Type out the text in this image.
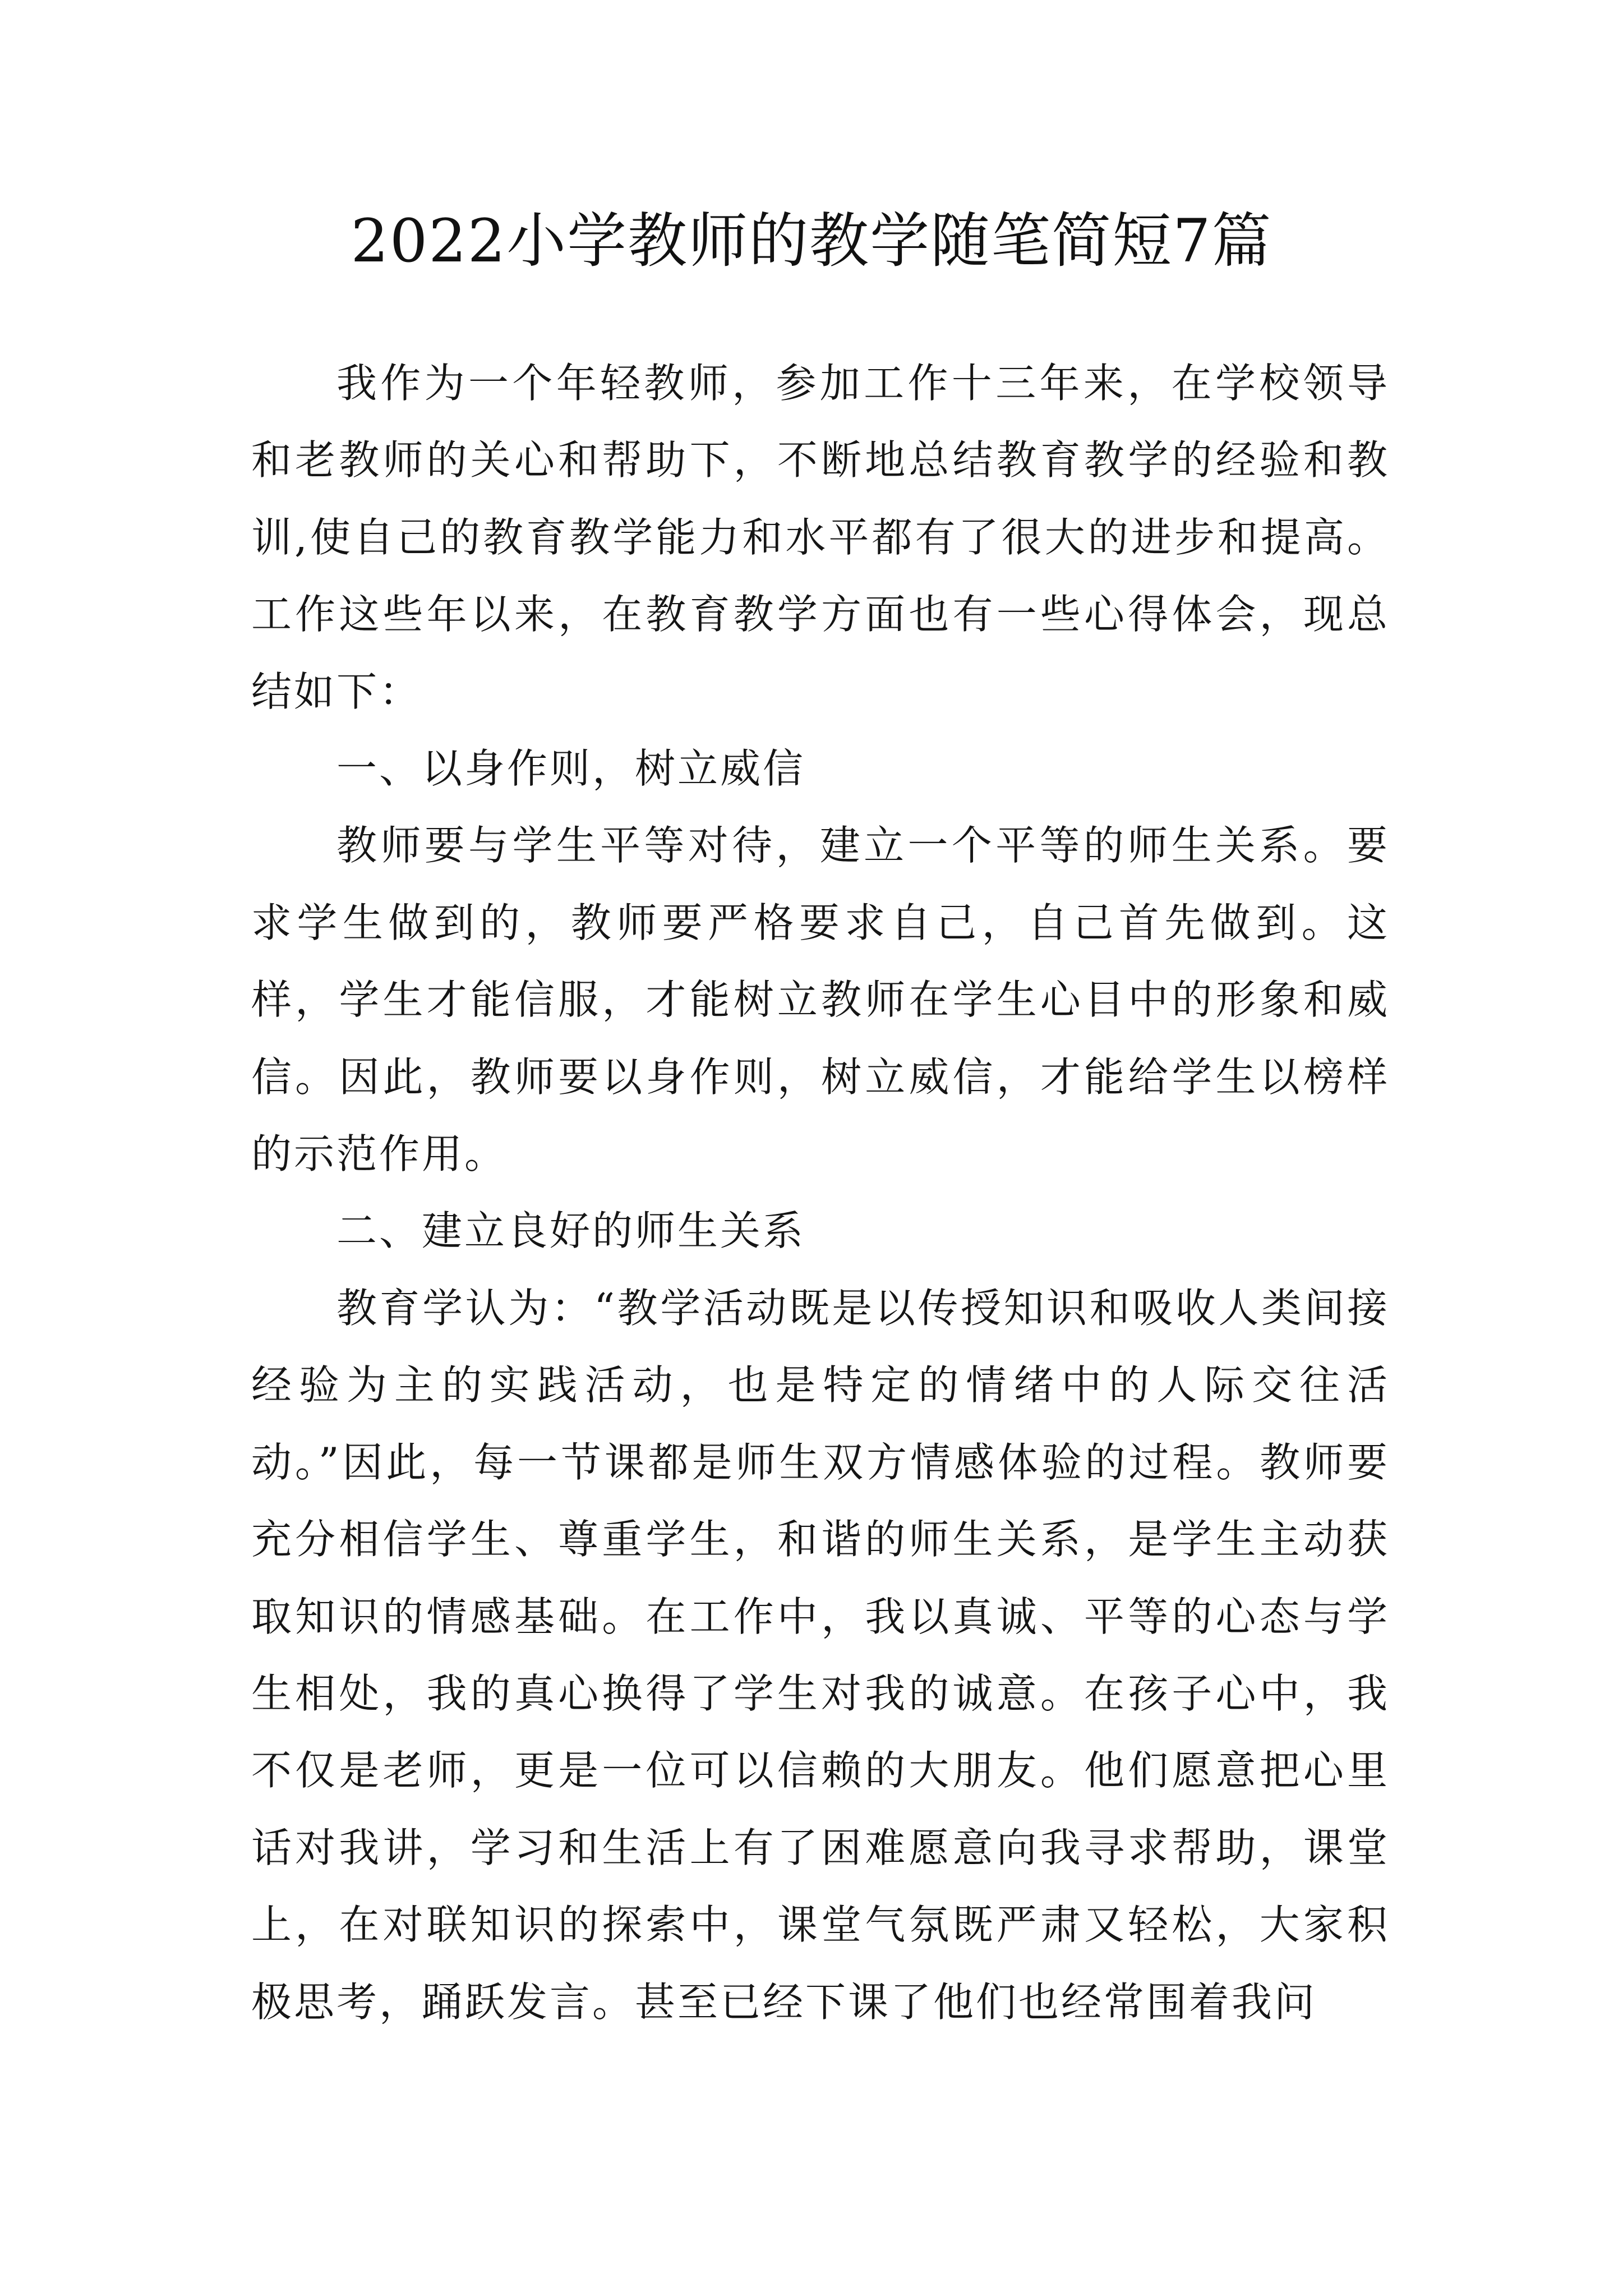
2022小学教师的教学随笔简短7篇

我作为一个年轻教师，参加工作十三年来，在学校领导和老教师的关心和帮助下，不断地总结教育教学的经验和教训,使自己的教育教学能力和水平都有了很大的进步和提高。工作这些年以来，在教育教学方面也有一些心得体会，现总结如下：

一、以身作则，树立威信

教师要与学生平等对待，建立一个平等的师生关系。要求学生做到的，教师要严格要求自己，自己首先做到。这样，学生才能信服，才能树立教师在学生心目中的形象和威信。因此，教师要以身作则，树立威信，才能给学生以榜样的示范作用。

二、建立良好的师生关系

教育学认为：“教学活动既是以传授知识和吸收人类间接经验为主的实践活动，也是特定的情绪中的人际交往活动。”因此，每一节课都是师生双方情感体验的过程。教师要充分相信学生、尊重学生，和谐的师生关系，是学生主动获取知识的情感基础。在工作中，我以真诚、平等的心态与学生相处，我的真心换得了学生对我的诚意。在孩子心中，我不仅是老师，更是一位可以信赖的大朋友。他们愿意把心里话对我讲，学习和生活上有了困难愿意向我寻求帮助，课堂上，在对联知识的探索中，课堂气氛既严肃又轻松，大家积极思考，踊跃发言。甚至已经下课了他们也经常围着我问
